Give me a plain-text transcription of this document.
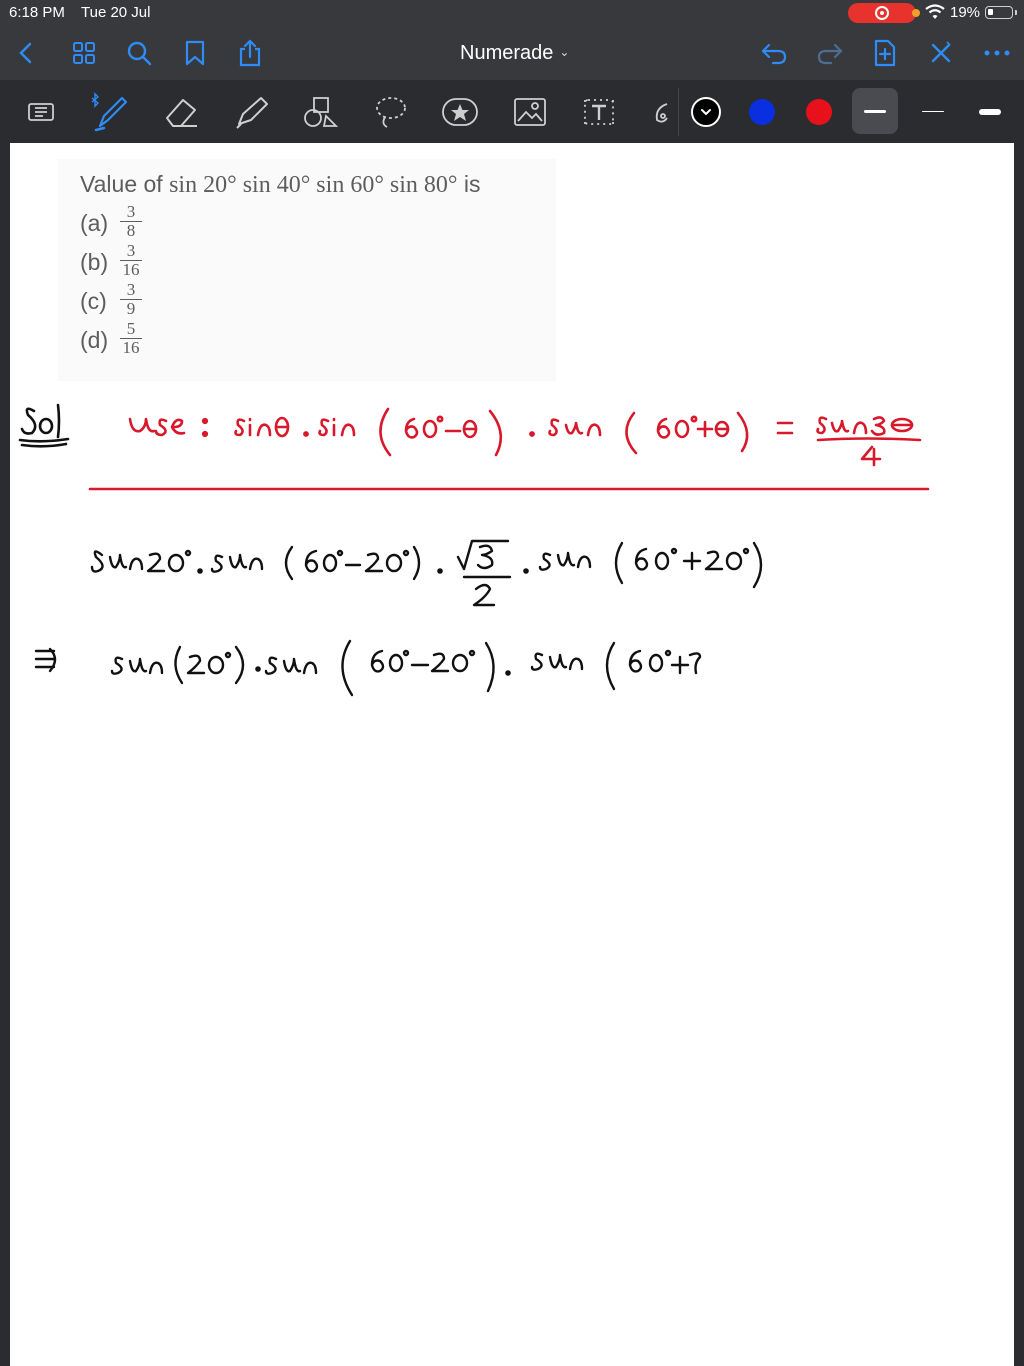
6:18 PM Tue 20 Jul	19%
Numerade ⌄
Value of sin 20° sin 40° sin 60° sin 80° is
(a)	3
8
(b)	3
16
(c)	3
9
(d)	5
16
